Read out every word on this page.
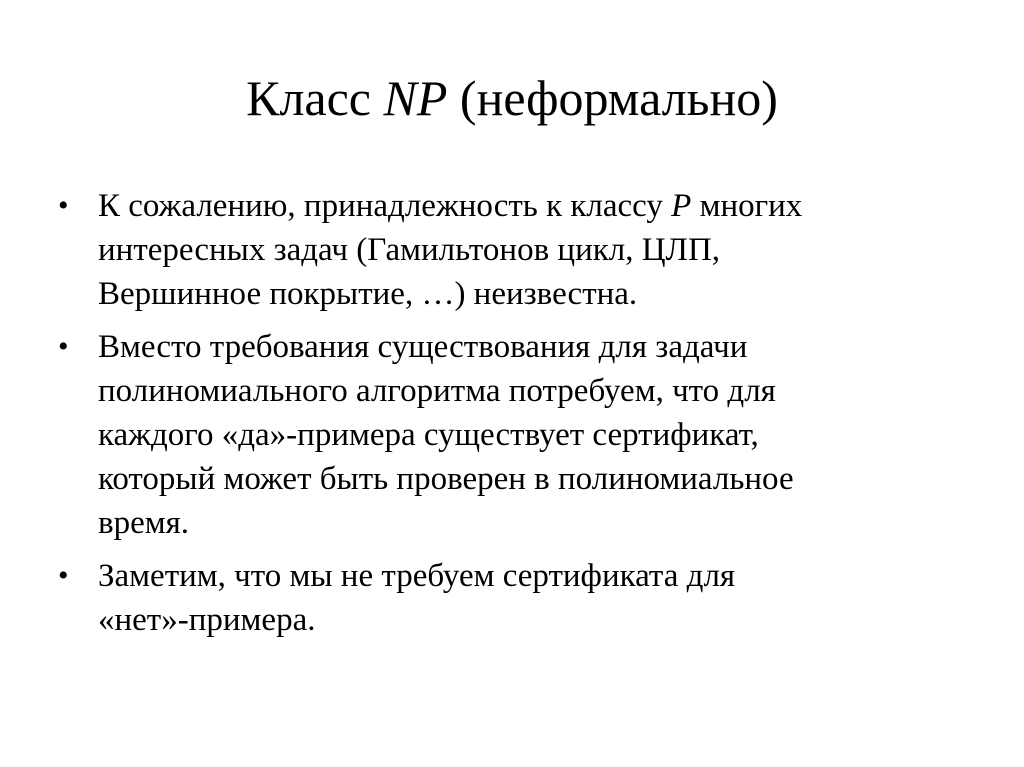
Класс NP (неформально)
• К сожалению, принадлежность к классу P многих
интересных задач (Гамильтонов цикл, ЦЛП,
Вершинное покрытие, …) неизвестна.
• Вместо требования существования для задачи
полиномиального алгоритма потребуем, что для
каждого «да»-примера существует сертификат,
который может быть проверен в полиномиальное
время.
• Заметим, что мы не требуем сертификата для
«нет»-примера.
